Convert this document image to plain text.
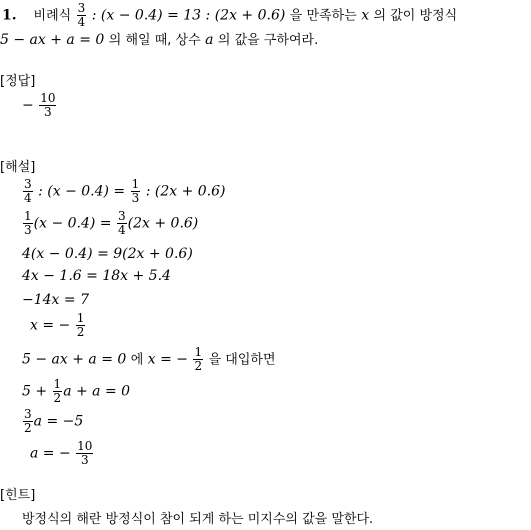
1. 비례식 $\frac{3}{4}$ : (x − 0.4) = 13 : (2x + 0.6) 을 만족하는 x 의 값이 방정식
5 − ax + a = 0 의 해일 때, 상수 a 의 값을 구하여라.
[정답]
− $\frac{10}{3}$
[해설]
$\frac{3}{4}$ : $(x - 0.4) = \frac{1}{3}$ : (2x + 0.6)
$\frac{1}{3} (x - 0.4) = \frac{3}{4} (2x + 0.6)$
4(x − 0.4) = 9(2x + 0.6)
4x − 1.6 = 18x + 5.4
−14x = 7
x = − $\frac{1}{2}$
5 − ax + a = 0 에 x = − $\frac{1}{2}$ 을 대입하면
$5 + \frac{1}{2}$ a + a = 0
$\frac{3}{2}$ a = −5
a = − $\frac{10}{3}$
[힌트]
방정식의 해란 방정식이 참이 되게 하는 미지수의 값을 말한다.
